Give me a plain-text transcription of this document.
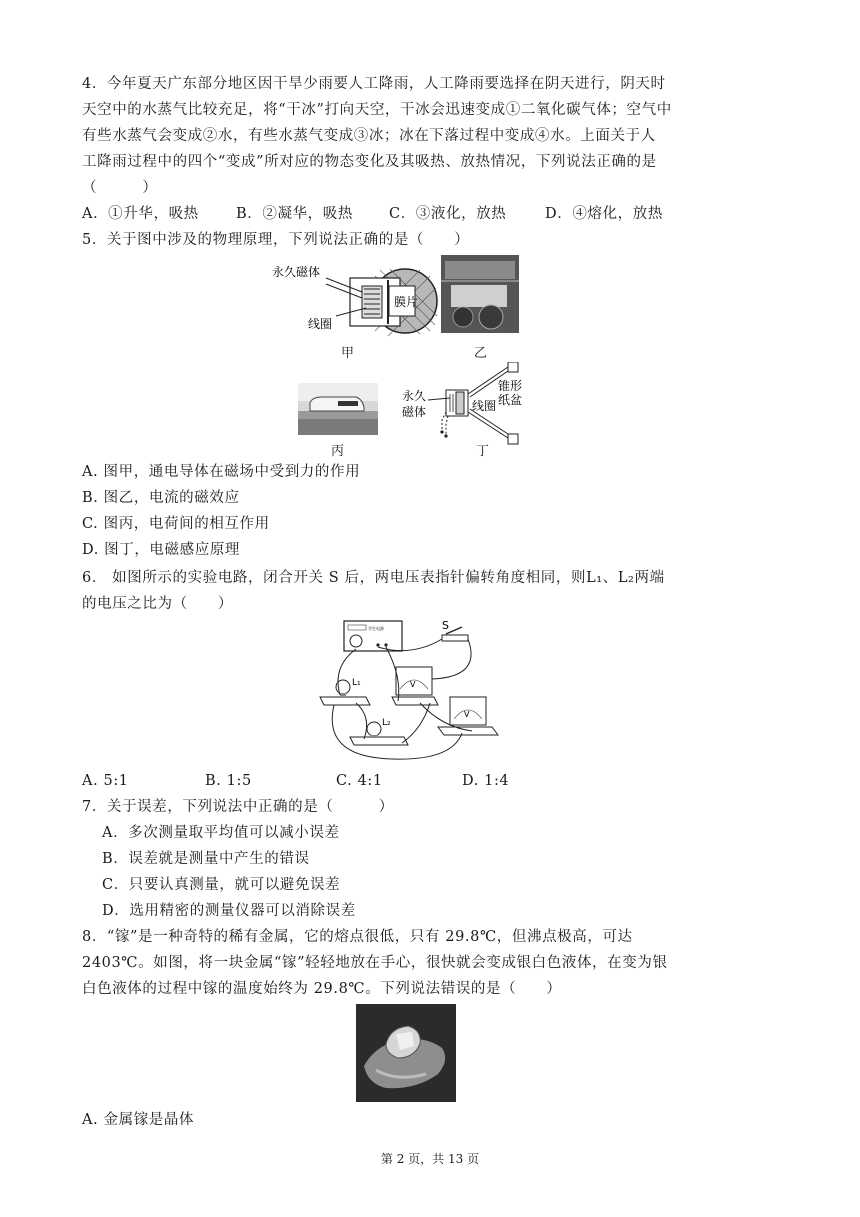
4．今年夏天广东部分地区因干旱少雨要人工降雨，人工降雨要选择在阴天进行，阴天时
天空中的水蒸气比较充足，将“干冰”打向天空，干冰会迅速变成①二氧化碳气体；空气中
有些水蒸气会变成②水，有些水蒸气变成③冰；冰在下落过程中变成④水。上面关于人
工降雨过程中的四个“变成”所对应的物态变化及其吸热、放热情况，下列说法正确的是
（　　　）
A．①升华，吸热	B．②凝华，吸热 C．③液化，放热	D．④熔化，放热
5．关于图中涉及的物理原理，下列说法正确的是（　　）
膜片
永久磁体
线圈
甲	乙
丙
锥形
纸盆
线圈
永久
磁体
丁
A. 图甲，通电导体在磁场中受到力的作用
B. 图乙，电流的磁效应
C. 图丙，电荷间的相互作用
D. 图丁，电磁感应原理
6． 如图所示的实验电路，闭合开关 S 后，两电压表指针偏转角度相同，则L₁、L₂两端
的电压之比为（　　）
学生电源	S
L₁	V
V
L₂
A. 5:1	B. 1:5	C. 4:1	D. 1:4
7．关于误差，下列说法中正确的是（　　　）
A．多次测量取平均值可以减小误差
B．误差就是测量中产生的错误
C．只要认真测量，就可以避免误差
D．选用精密的测量仪器可以消除误差
8．“镓”是一种奇特的稀有金属，它的熔点很低，只有 29.8℃，但沸点极高，可达
2403℃。如图，将一块金属“镓”轻轻地放在手心，很快就会变成银白色液体，在变为银
白色液体的过程中镓的温度始终为 29.8℃。下列说法错误的是（　　）
A. 金属镓是晶体
第 2 页，共 13 页
